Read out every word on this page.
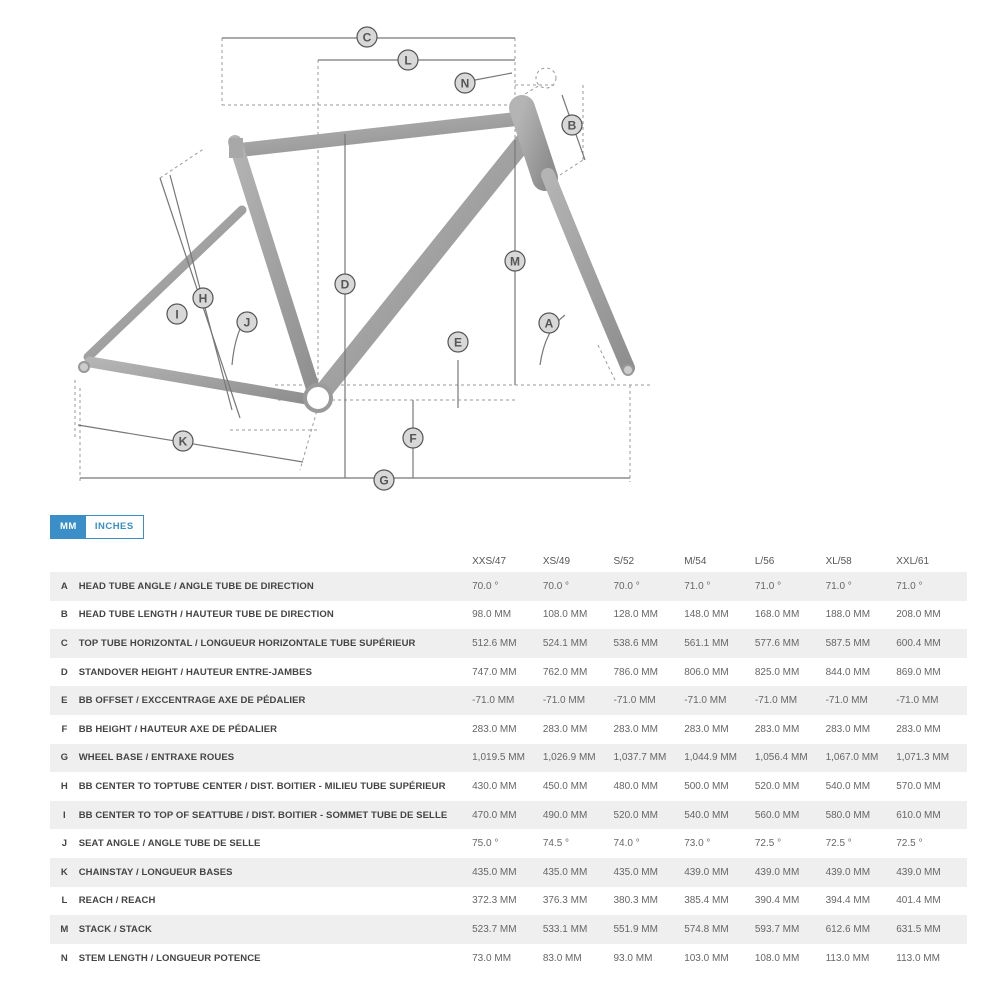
A
B
C
D
E
F
G
H
I
J
K
L
M
N
MM	INCHES
		XXS/47	XS/49	S/52	M/54	L/56	XL/58	XXL/61
A	HEAD TUBE ANGLE / ANGLE TUBE DE DIRECTION	70.0 °	70.0 °	70.0 °	71.0 °	71.0 °	71.0 °	71.0 °
B	HEAD TUBE LENGTH / HAUTEUR TUBE DE DIRECTION	98.0 MM	108.0 MM	128.0 MM	148.0 MM	168.0 MM	188.0 MM	208.0 MM
C	TOP TUBE HORIZONTAL / LONGUEUR HORIZONTALE TUBE SUPÉRIEUR	512.6 MM	524.1 MM	538.6 MM	561.1 MM	577.6 MM	587.5 MM	600.4 MM
D	STANDOVER HEIGHT / HAUTEUR ENTRE-JAMBES	747.0 MM	762.0 MM	786.0 MM	806.0 MM	825.0 MM	844.0 MM	869.0 MM
E	BB OFFSET / EXCCENTRAGE AXE DE PÉDALIER	-71.0 MM	-71.0 MM	-71.0 MM	-71.0 MM	-71.0 MM	-71.0 MM	-71.0 MM
F	BB HEIGHT / HAUTEUR AXE DE PÉDALIER	283.0 MM	283.0 MM	283.0 MM	283.0 MM	283.0 MM	283.0 MM	283.0 MM
G	WHEEL BASE / ENTRAXE ROUES	1,019.5 MM	1,026.9 MM	1,037.7 MM	1,044.9 MM	1,056.4 MM	1,067.0 MM	1,071.3 MM
H	BB CENTER TO TOPTUBE CENTER / DIST. BOITIER - MILIEU TUBE SUPÉRIEUR	430.0 MM	450.0 MM	480.0 MM	500.0 MM	520.0 MM	540.0 MM	570.0 MM
I	BB CENTER TO TOP OF SEATTUBE / DIST. BOITIER - SOMMET TUBE DE SELLE	470.0 MM	490.0 MM	520.0 MM	540.0 MM	560.0 MM	580.0 MM	610.0 MM
J	SEAT ANGLE / ANGLE TUBE DE SELLE	75.0 °	74.5 °	74.0 °	73.0 °	72.5 °	72.5 °	72.5 °
K	CHAINSTAY / LONGUEUR BASES	435.0 MM	435.0 MM	435.0 MM	439.0 MM	439.0 MM	439.0 MM	439.0 MM
L	REACH / REACH	372.3 MM	376.3 MM	380.3 MM	385.4 MM	390.4 MM	394.4 MM	401.4 MM
M	STACK / STACK	523.7 MM	533.1 MM	551.9 MM	574.8 MM	593.7 MM	612.6 MM	631.5 MM
N	STEM LENGTH / LONGUEUR POTENCE	73.0 MM	83.0 MM	93.0 MM	103.0 MM	108.0 MM	113.0 MM	113.0 MM
